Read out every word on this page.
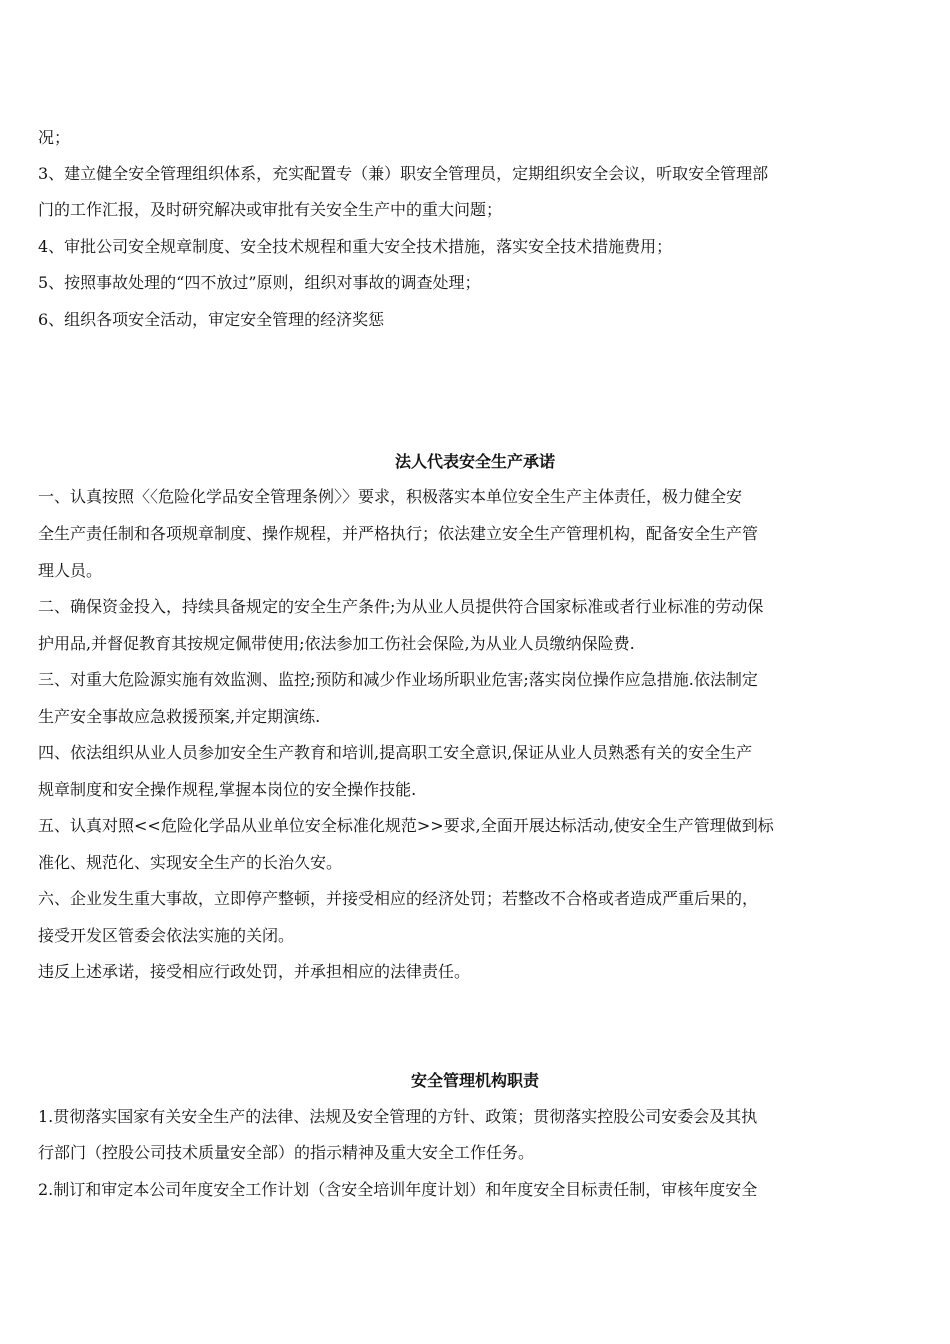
况；
3、建立健全安全管理组织体系，充实配置专（兼）职安全管理员，定期组织安全会议，听取安全管理部
门的工作汇报，及时研究解决或审批有关安全生产中的重大问题；
4、审批公司安全规章制度、安全技术规程和重大安全技术措施，落实安全技术措施费用；
5、按照事故处理的“四不放过”原则，组织对事故的调查处理；
6、组织各项安全活动，审定安全管理的经济奖惩
法人代表安全生产承诺
一、认真按照〈〈危险化学品安全管理条例〉〉要求，积极落实本单位安全生产主体责任，极力健全安
全生产责任制和各项规章制度、操作规程，并严格执行；依法建立安全生产管理机构，配备安全生产管
理人员。
二、确保资金投入，持续具备规定的安全生产条件;为从业人员提供符合国家标准或者行业标准的劳动保
护用品,并督促教育其按规定佩带使用;依法参加工伤社会保险,为从业人员缴纳保险费.
三、对重大危险源实施有效监测、监控;预防和减少作业场所职业危害;落实岗位操作应急措施.依法制定
生产安全事故应急救援预案,并定期演练.
四、依法组织从业人员参加安全生产教育和培训,提高职工安全意识,保证从业人员熟悉有关的安全生产
规章制度和安全操作规程,掌握本岗位的安全操作技能.
五、认真对照<<危险化学品从业单位安全标准化规范>>要求,全面开展达标活动,使安全生产管理做到标
准化、规范化、实现安全生产的长治久安。
六、企业发生重大事故，立即停产整顿，并接受相应的经济处罚；若整改不合格或者造成严重后果的，
接受开发区管委会依法实施的关闭。
违反上述承诺，接受相应行政处罚，并承担相应的法律责任。
安全管理机构职责
1.贯彻落实国家有关安全生产的法律、法规及安全管理的方针、政策；贯彻落实控股公司安委会及其执
行部门（控股公司技术质量安全部）的指示精神及重大安全工作任务。
2.制订和审定本公司年度安全工作计划（含安全培训年度计划）和年度安全目标责任制，审核年度安全
